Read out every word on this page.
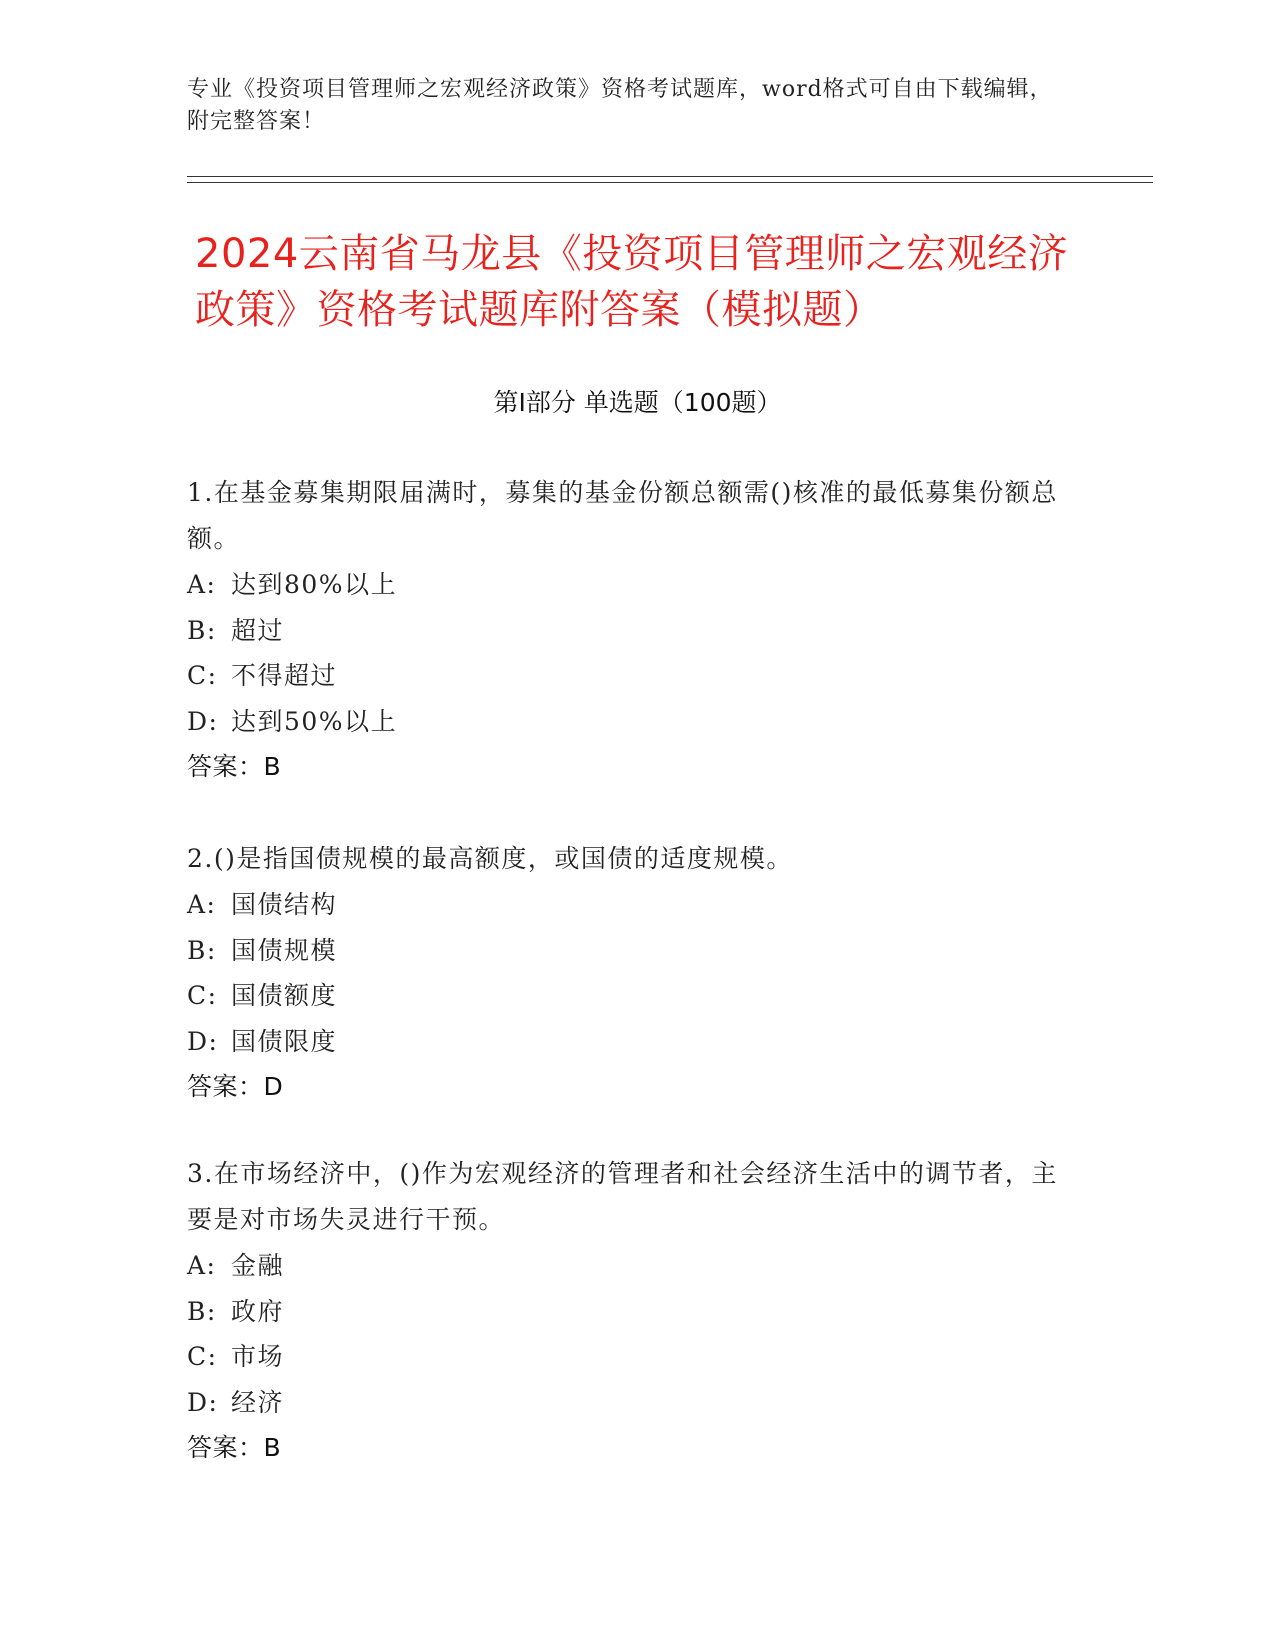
专业《投资项目管理师之宏观经济政策》资格考试题库，word格式可自由下载编辑，附完整答案！
2024云南省马龙县《投资项目管理师之宏观经济政策》资格考试题库附答案（模拟题）
第Ⅰ部分 单选题（100题）
1.在基金募集期限届满时，募集的基金份额总额需()核准的最低募集份额总额。
A: 达到80%以上
B: 超过
C: 不得超过
D: 达到50%以上
答案：B
2.()是指国债规模的最高额度，或国债的适度规模。
A: 国债结构
B: 国债规模
C: 国债额度
D: 国债限度
答案：D
3.在市场经济中，()作为宏观经济的管理者和社会经济生活中的调节者，主要是对市场失灵进行干预。
A: 金融
B: 政府
C: 市场
D: 经济
答案：B
